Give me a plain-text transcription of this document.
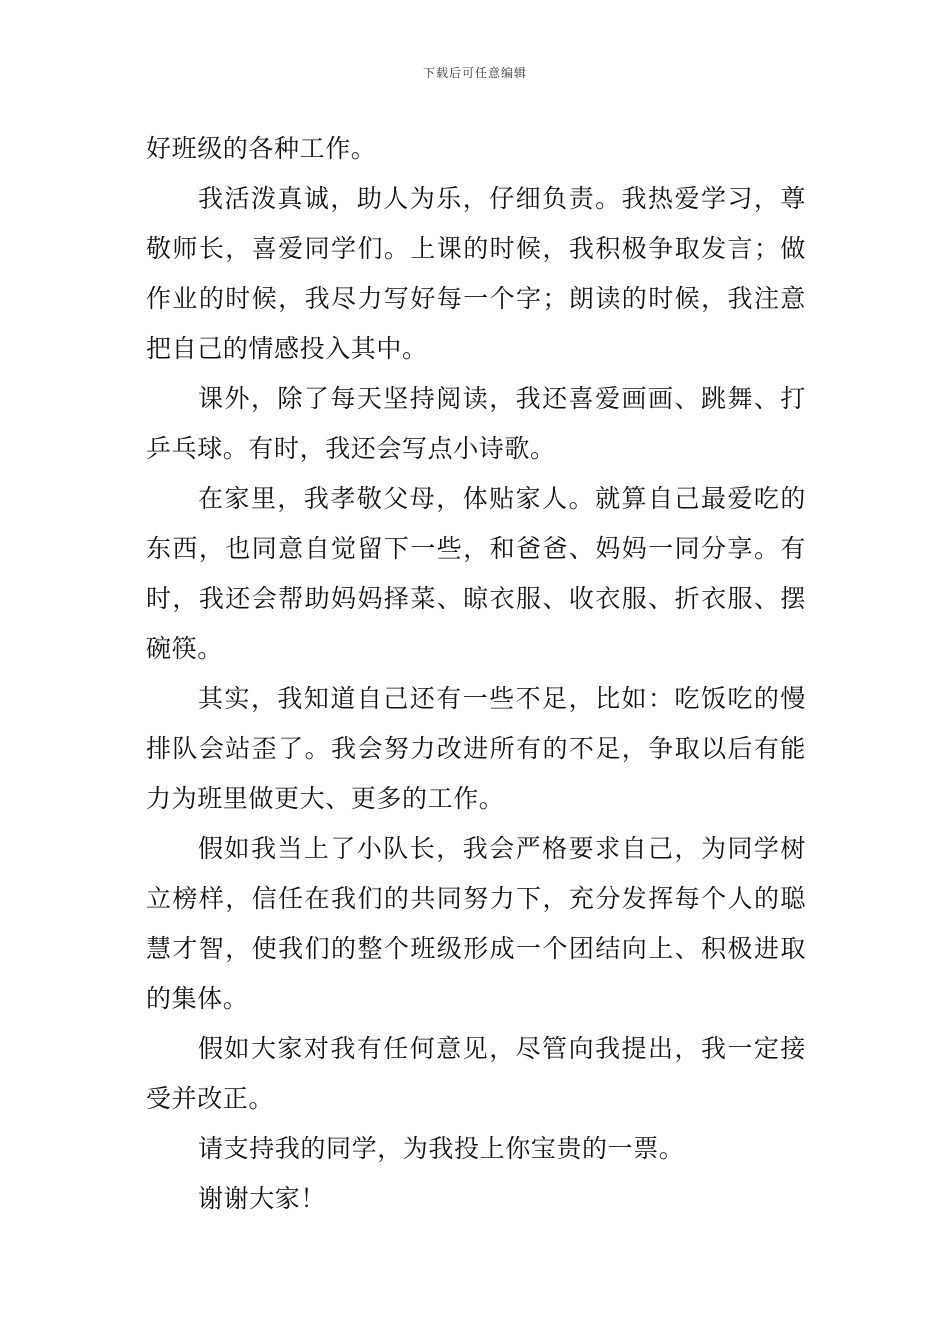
下载后可任意编辑

好班级的各种工作。

我活泼真诚，助人为乐，仔细负责。我热爱学习，尊敬师长，喜爱同学们。上课的时候，我积极争取发言；做作业的时候，我尽力写好每一个字；朗读的时候，我注意把自己的情感投入其中。

课外，除了每天坚持阅读，我还喜爱画画、跳舞、打乒乓球。有时，我还会写点小诗歌。

在家里，我孝敬父母，体贴家人。就算自己最爱吃的东西，也同意自觉留下一些，和爸爸、妈妈一同分享。有时，我还会帮助妈妈择菜、晾衣服、收衣服、折衣服、摆碗筷。

其实，我知道自己还有一些不足，比如：吃饭吃的慢排队会站歪了。我会努力改进所有的不足，争取以后有能力为班里做更大、更多的工作。

假如我当上了小队长，我会严格要求自己，为同学树立榜样，信任在我们的共同努力下，充分发挥每个人的聪慧才智，使我们的整个班级形成一个团结向上、积极进取的集体。

假如大家对我有任何意见，尽管向我提出，我一定接受并改正。

请支持我的同学，为我投上你宝贵的一票。

谢谢大家！
